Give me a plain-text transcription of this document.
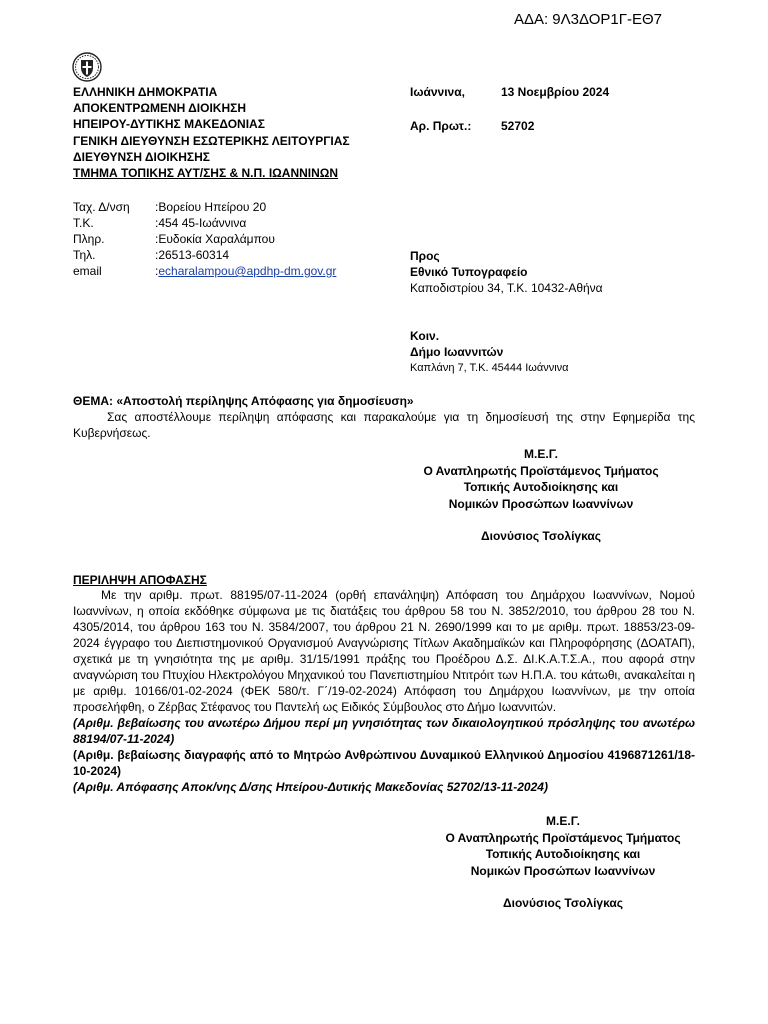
ΑΔΑ: 9Λ3ΔΟΡ1Γ-ΕΘ7
ΕΛΛΗΝΙΚΗ ΔΗΜΟΚΡΑΤΙΑ
ΑΠΟΚΕΝΤΡΩΜΕΝΗ ΔΙΟΙΚΗΣΗ
ΗΠΕΙΡΟΥ-ΔΥΤΙΚΗΣ ΜΑΚΕΔΟΝΙΑΣ
ΓΕΝΙΚΗ ΔΙΕΥΘΥΝΣΗ ΕΣΩΤΕΡΙΚΗΣ ΛΕΙΤΟΥΡΓΙΑΣ
ΔΙΕΥΘΥΝΣΗ ΔΙΟΙΚΗΣΗΣ
ΤΜΗΜΑ ΤΟΠΙΚΗΣ ΑΥΤ/ΣΗΣ & Ν.Π. ΙΩΑΝΝΙΝΩΝ
Ιωάννινα,	13 Νοεμβρίου 2024
Αρ. Πρωτ.: 52702
Ταχ. Δ/νση	:Βορείου Ηπείρου 20
Τ.Κ.	:454 45-Ιωάννινα
Πληρ.	:Ευδοκία Χαραλάμπου
Τηλ.	:26513-60314
email	: echaralampou@apdhp-dm.gov.gr
Προς
Εθνικό Τυπογραφείο
Καποδιστρίου 34, Τ.Κ. 10432-Αθήνα
Κοιν.
Δήμο Ιωαννιτών
Καπλάνη 7, Τ.Κ. 45444 Ιωάννινα
ΘΕΜΑ: «Αποστολή περίληψης Απόφασης για δημοσίευση»
Σας αποστέλλουμε περίληψη απόφασης και παρακαλούμε για τη δημοσίευσή της στην Εφημερίδα της Κυβερνήσεως.
Μ.Ε.Γ.
Ο Αναπληρωτής Προϊστάμενος Τμήματος
Τοπικής Αυτοδιοίκησης και
Νομικών Προσώπων Ιωαννίνων
Διονύσιος Τσολίγκας
ΠΕΡΙΛΗΨΗ ΑΠΟΦΑΣΗΣ
Με την αριθμ. πρωτ. 88195/07-11-2024 (ορθή επανάληψη) Απόφαση του Δημάρχου Ιωαννίνων, Νομού Ιωαννίνων, η οποία εκδόθηκε σύμφωνα με τις διατάξεις του άρθρου 58 του Ν. 3852/2010, του άρθρου 28 του Ν. 4305/2014, του άρθρου 163 του Ν. 3584/2007, του άρθρου 21 Ν. 2690/1999 και το με αριθμ. πρωτ. 18853/23-09-2024 έγγραφο του Διεπιστημονικού Οργανισμού Αναγνώρισης Τίτλων Ακαδημαϊκών και Πληροφόρησης (ΔΟΑΤΑΠ), σχετικά με τη γνησιότητα της με αριθμ. 31/15/1991 πράξης του Προέδρου Δ.Σ. ΔΙ.Κ.Α.Τ.Σ.Α., που αφορά στην αναγνώριση του Πτυχίου Ηλεκτρολόγου Μηχανικού του Πανεπιστημίου Ντιτρόιτ των Η.Π.Α. του κάτωθι, ανακαλείται η με αριθμ. 10166/01-02-2024 (ΦΕΚ 580/τ. Γ΄/19-02-2024) Απόφαση του Δημάρχου Ιωαννίνων, με την οποία προσελήφθη, ο Ζέρβας Στέφανος του Παντελή ως Ειδικός Σύμβουλος στο Δήμο Ιωαννιτών.
(Αριθμ. βεβαίωσης του ανωτέρω Δήμου περί μη γνησιότητας των δικαιολογητικού πρόσληψης του ανωτέρω 88194/07-11-2024)
(Αριθμ. βεβαίωσης διαγραφής από το Μητρώο Ανθρώπινου Δυναμικού Ελληνικού Δημοσίου 4196871261/18-10-2024)
(Αριθμ. Απόφασης Αποκ/νης Δ/σης Ηπείρου-Δυτικής Μακεδονίας 52702/13-11-2024)
Μ.Ε.Γ.
Ο Αναπληρωτής Προϊστάμενος Τμήματος
Τοπικής Αυτοδιοίκησης και
Νομικών Προσώπων Ιωαννίνων
Διονύσιος Τσολίγκας
